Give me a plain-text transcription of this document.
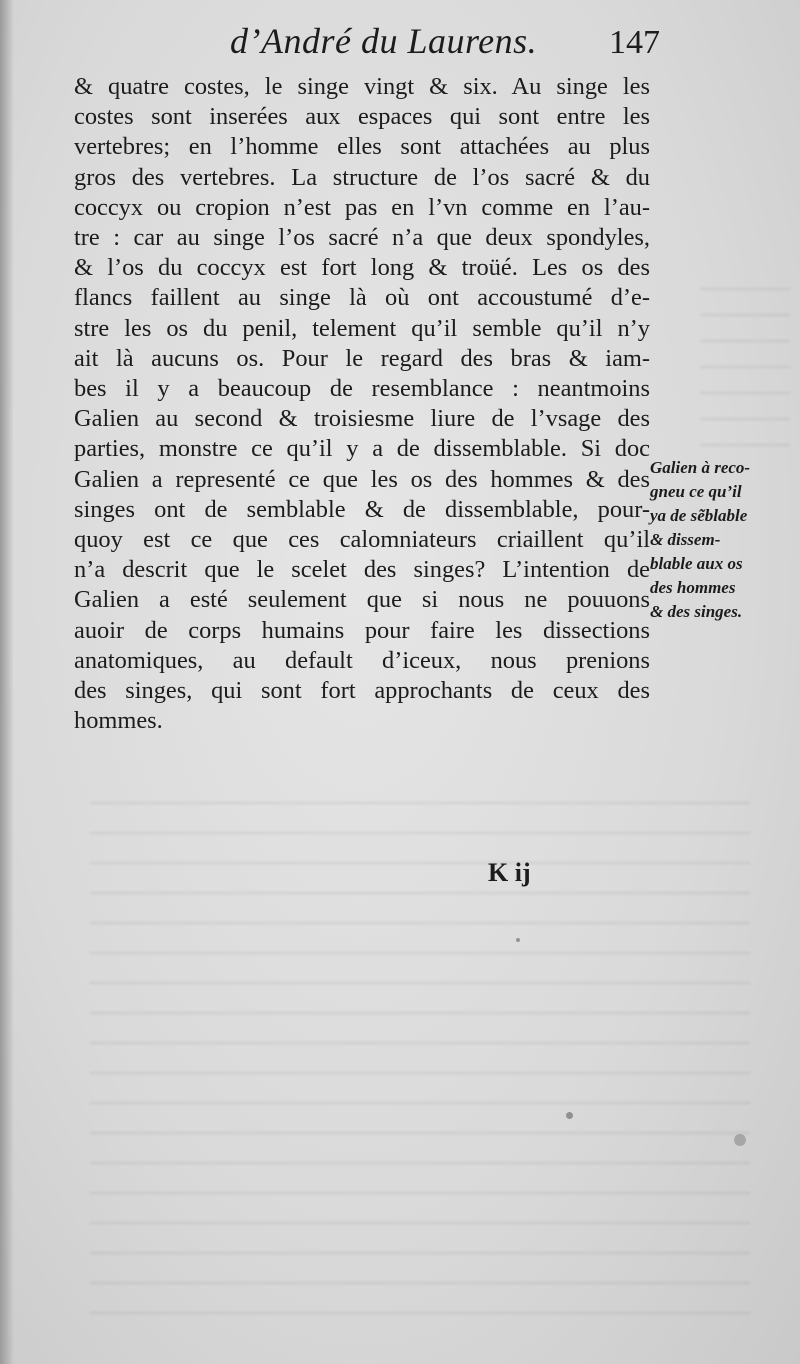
d’André du Laurens. 147
& quatre costes, le singe vingt & six. Au singe les
costes sont inserées aux espaces qui sont entre les
vertebres; en l’homme elles sont attachées au plus
gros des vertebres. La structure de l’os sacré & du
coccyx ou cropion n’est pas en l’vn comme en l’au-
tre : car au singe l’os sacré n’a que deux spondyles,
& l’os du coccyx est fort long & troüé. Les os des
flancs faillent au singe là où ont accoustumé d’e-
stre les os du penil, telement qu’il semble qu’il n’y
ait là aucuns os. Pour le regard des bras & iam-
bes il y a beaucoup de resemblance : neantmoins
Galien au second & troisiesme liure de l’vsage des
parties, monstre ce qu’il y a de dissemblable. Si doc
Galien a representé ce que les os des hommes & des
singes ont de semblable & de dissemblable, pour-
quoy est ce que ces calomniateurs criaillent qu’il
n’a descrit que le scelet des singes? L’intention de
Galien a esté seulement que si nous ne pouuons
auoir de corps humains pour faire les dissections
anatomiques, au default d’iceux, nous prenions
des singes, qui sont fort approchants de ceux des
hommes.
Galien à reco-
gneu ce qu’il
ya de sẽblable
& dissem-
blable aux os
des hommes
& des singes.
K ij
